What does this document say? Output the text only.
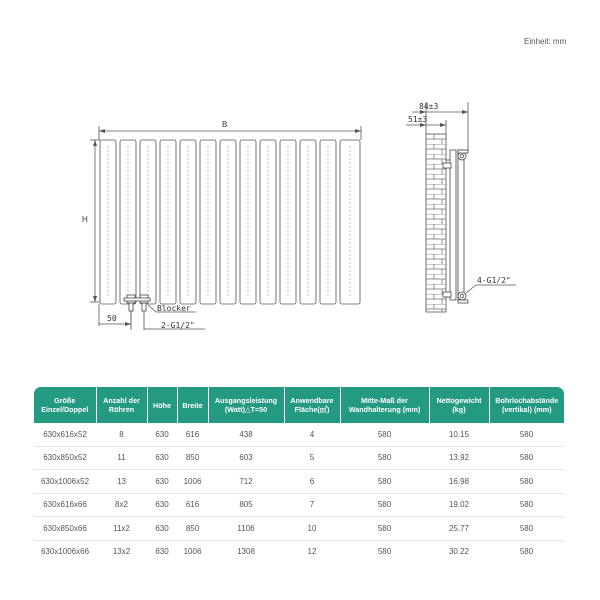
Einheit: mm
B
H
50
Blocker
2-G1/2"
84±3
51±3
4-G1/2"
Größe Einzel/Doppel	Anzahl der Röhren	Höhe	Breite	Ausgangsleistung (Watt)△T=50	Anwendbare Fläche(㎡)	Mitte-Maß der Wandhalterung (mm)	Nettogewicht (kg)	Bohrlochabstände (vertikal) (mm)
630x616x52	8	630	616	438	4	580	10.15	580
630x850x52	11	630	850	603	5	580	13.92	580
630x1006x52	13	630	1006	712	6	580	16.98	580
630x616x66	8x2	630	616	805	7	580	19.02	580
630x850x66	11x2	630	850	1106	10	580	25.77	580
630x1006x66	13x2	630	1006	1308	12	580	30.22	580
